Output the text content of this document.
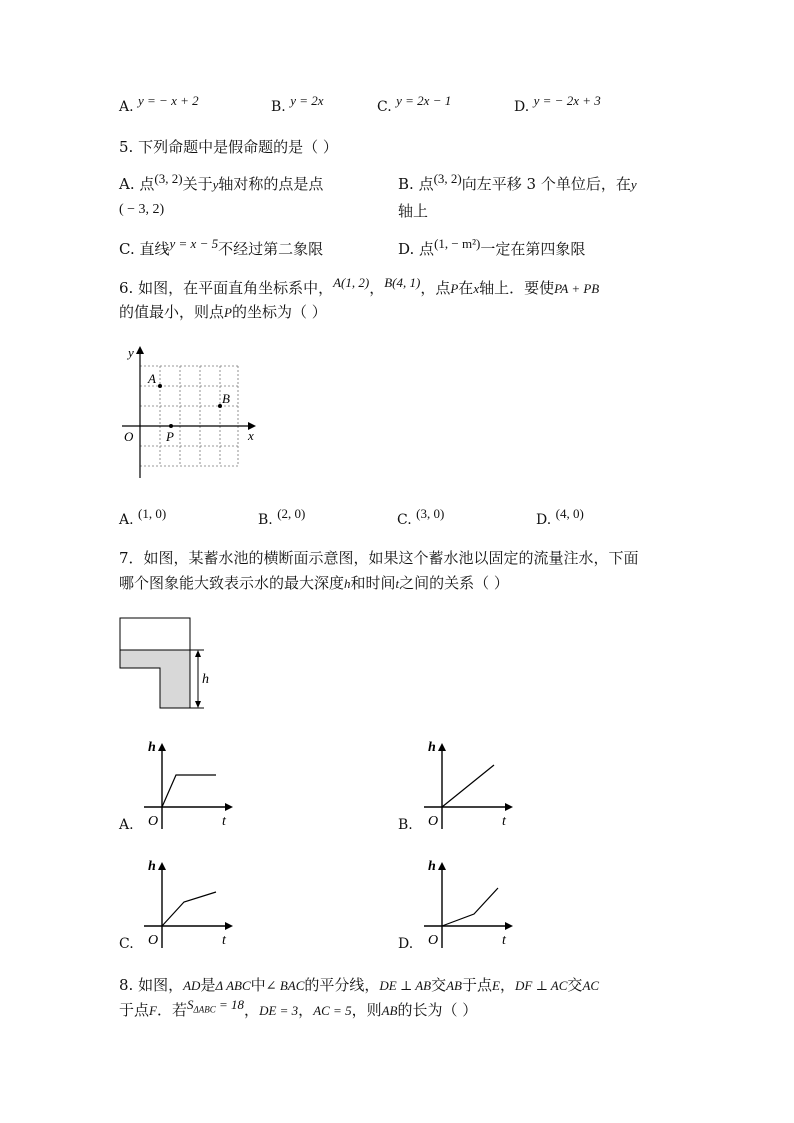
A. y = − x + 2	B. y = 2x	C. y = 2x − 1	D. y = − 2x + 3
5. 下列命题中是假命题的是（ ）
A. 点(3, 2)关于y轴对称的点是点
( − 3, 2)
B. 点(3, 2)向左平移 3 个单位后，在y
轴上
C. 直线y = x − 5不经过第二象限	D. 点(1, − m²)一定在第四象限
6. 如图，在平面直角坐标系中，A(1, 2)，B(4, 1)，点P在x轴上．要使PA + PB
的值最小，则点P的坐标为（ ）
y
x
O
A
B
P
A. (1, 0)	B. (2, 0)	C. (3, 0)	D. (4, 0)
7．如图，某蓄水池的横断面示意图，如果这个蓄水池以固定的流量注水，下面
哪个图象能大致表示水的最大深度h和时间t之间的关系（ ）
h
A.
h
O	t	B.
h
O	t
C.
h
O	t	D.
h
O	t
8. 如图，AD是Δ ABC中∠ BAC的平分线，DE ⊥ AB交AB于点E，DF ⊥ AC交AC
于点F．若$S_{\Delta ABC} = 18$，DE = 3，AC = 5，则AB的长为（ ）
